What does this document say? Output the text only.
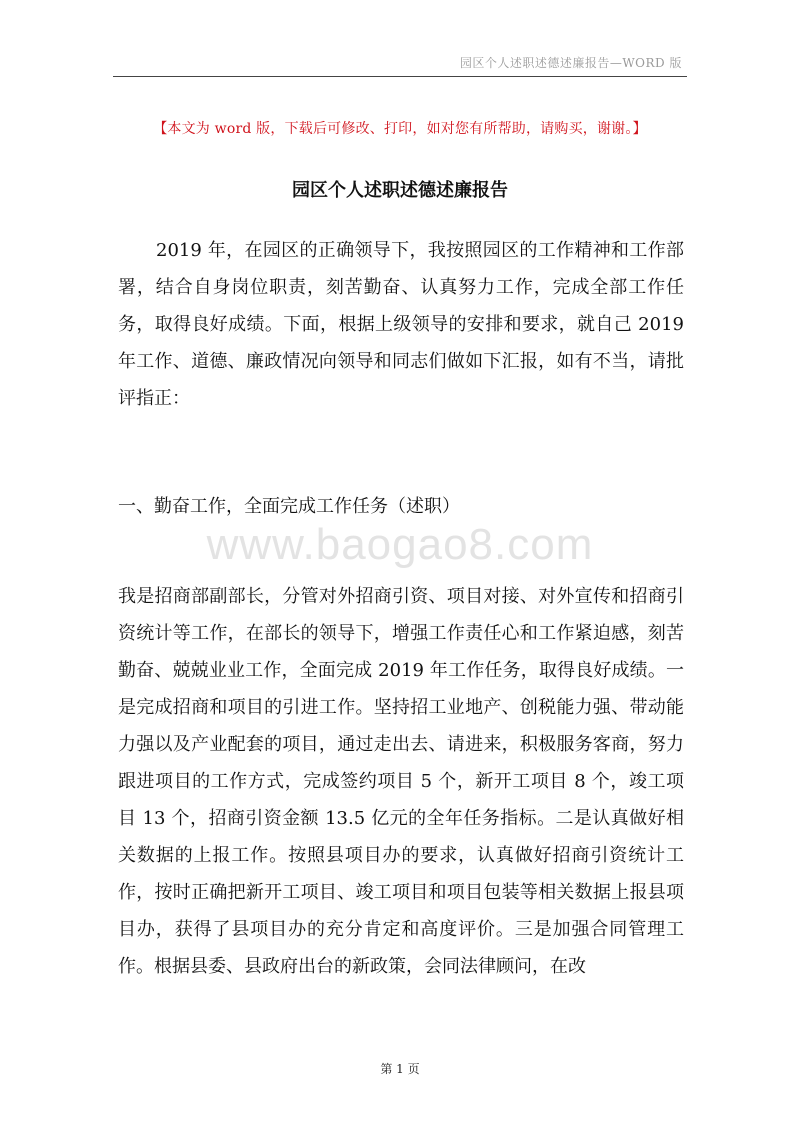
园区个人述职述德述廉报告—WORD 版
【本文为 word 版，下载后可修改、打印，如对您有所帮助，请购买，谢谢。】
园区个人述职述德述廉报告

2019 年，在园区的正确领导下，我按照园区的工作精神和工作部署，结合自身岗位职责，刻苦勤奋、认真努力工作，完成全部工作任务，取得良好成绩。下面，根据上级领导的安排和要求，就自己 2019 年工作、道德、廉政情况向领导和同志们做如下汇报，如有不当，请批评指正：

一、勤奋工作，全面完成工作任务（述职）
www.baogao8.com

我是招商部副部长，分管对外招商引资、项目对接、对外宣传和招商引资统计等工作，在部长的领导下，增强工作责任心和工作紧迫感，刻苦勤奋、兢兢业业工作，全面完成 2019 年工作任务，取得良好成绩。一是完成招商和项目的引进工作。坚持招工业地产、创税能力强、带动能力强以及产业配套的项目，通过走出去、请进来，积极服务客商，努力跟进项目的工作方式，完成签约项目 5 个，新开工项目 8 个，竣工项目 13 个，招商引资金额 13.5 亿元的全年任务指标。二是认真做好相关数据的上报工作。按照县项目办的要求，认真做好招商引资统计工作，按时正确把新开工项目、竣工项目和项目包装等相关数据上报县项目办，获得了县项目办的充分肯定和高度评价。三是加强合同管理工作。根据县委、县政府出台的新政策，会同法律顾问，在改

第 1 页
